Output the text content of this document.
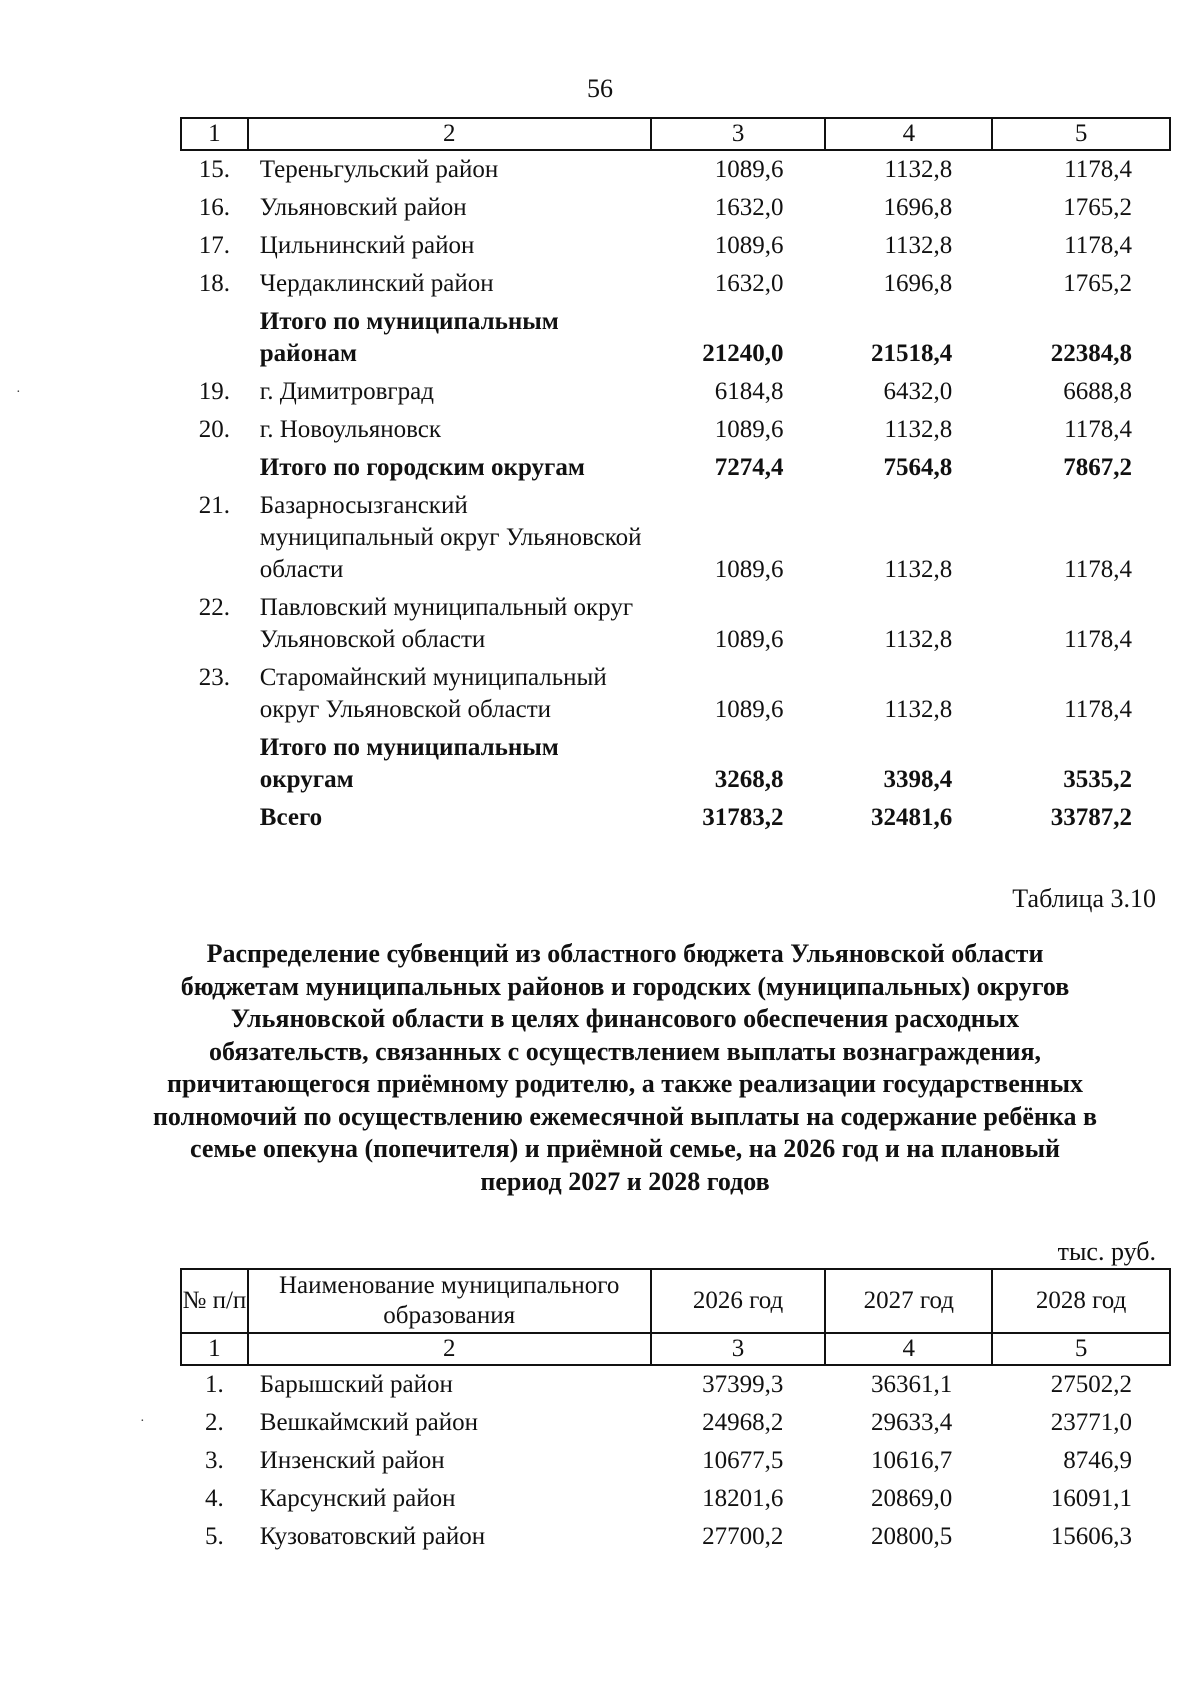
56
1	2	3	4	5
15.	Тереньгульский район	1089,6	1132,8	1178,4
16.	Ульяновский район	1632,0	1696,8	1765,2
17.	Цильнинский район	1089,6	1132,8	1178,4
18.	Чердаклинский район	1632,0	1696,8	1765,2
	Итого по муниципальным районам	21240,0	21518,4	22384,8
19.	г. Димитровград	6184,8	6432,0	6688,8
20.	г. Новоульяновск	1089,6	1132,8	1178,4
	Итого по городским округам	7274,4	7564,8	7867,2
21.	Базарносызганский муниципальный округ Ульяновской области	1089,6	1132,8	1178,4
22.	Павловский муниципальный округ Ульяновской области	1089,6	1132,8	1178,4
23.	Старомайнский муниципальный округ Ульяновской области	1089,6	1132,8	1178,4
	Итого по муниципальным округам	3268,8	3398,4	3535,2
	Всего	31783,2	32481,6	33787,2
Таблица 3.10

Распределение субвенций из областного бюджета Ульяновской области бюджетам муниципальных районов и городских (муниципальных) округов Ульяновской области в целях финансового обеспечения расходных обязательств, связанных с осуществлением выплаты вознаграждения, причитающегося приёмному родителю, а также реализации государственных полномочий по осуществлению ежемесячной выплаты на содержание ребёнка в семье опекуна (попечителя) и приёмной семье, на 2026 год и на плановый период 2027 и 2028 годов

тыс. руб.
№ п/п	Наименование муниципального образования	2026 год	2027 год	2028 год
1	2	3	4	5
1.	Барышский район	37399,3	36361,1	27502,2
2.	Вешкаймский район	24968,2	29633,4	23771,0
3.	Инзенский район	10677,5	10616,7	8746,9
4.	Карсунский район	18201,6	20869,0	16091,1
5.	Кузоватовский район	27700,2	20800,5	15606,3
·
·
